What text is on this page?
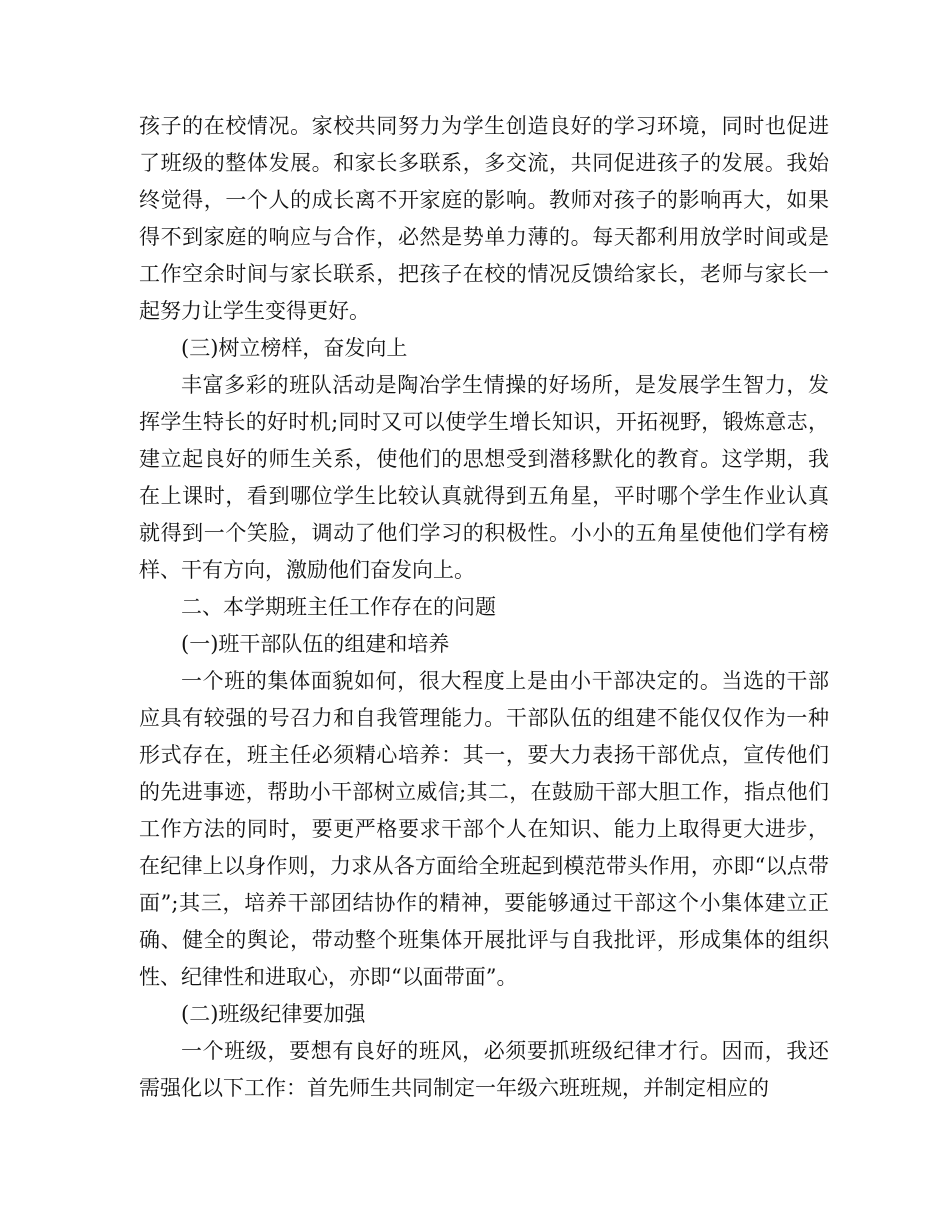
孩子的在校情况。家校共同努力为学生创造良好的学习环境，同时也促进了班级的整体发展。和家长多联系，多交流，共同促进孩子的发展。我始终觉得，一个人的成长离不开家庭的影响。教师对孩子的影响再大，如果得不到家庭的响应与合作，必然是势单力薄的。每天都利用放学时间或是工作空余时间与家长联系，把孩子在校的情况反馈给家长，老师与家长一起努力让学生变得更好。

(三)树立榜样，奋发向上

丰富多彩的班队活动是陶冶学生情操的好场所，是发展学生智力，发挥学生特长的好时机;同时又可以使学生增长知识，开拓视野，锻炼意志，建立起良好的师生关系，使他们的思想受到潜移默化的教育。这学期，我在上课时，看到哪位学生比较认真就得到五角星，平时哪个学生作业认真就得到一个笑脸，调动了他们学习的积极性。小小的五角星使他们学有榜样、干有方向，激励他们奋发向上。

二、本学期班主任工作存在的问题

(一)班干部队伍的组建和培养

一个班的集体面貌如何，很大程度上是由小干部决定的。当选的干部应具有较强的号召力和自我管理能力。干部队伍的组建不能仅仅作为一种形式存在，班主任必须精心培养：其一，要大力表扬干部优点，宣传他们的先进事迹，帮助小干部树立威信;其二，在鼓励干部大胆工作，指点他们工作方法的同时，要更严格要求干部个人在知识、能力上取得更大进步，在纪律上以身作则，力求从各方面给全班起到模范带头作用，亦即“以点带面”;其三，培养干部团结协作的精神，要能够通过干部这个小集体建立正确、健全的舆论，带动整个班集体开展批评与自我批评，形成集体的组织性、纪律性和进取心，亦即“以面带面”。

(二)班级纪律要加强

一个班级，要想有良好的班风，必须要抓班级纪律才行。因而，我还需强化以下工作：首先师生共同制定一年级六班班规，并制定相应的
